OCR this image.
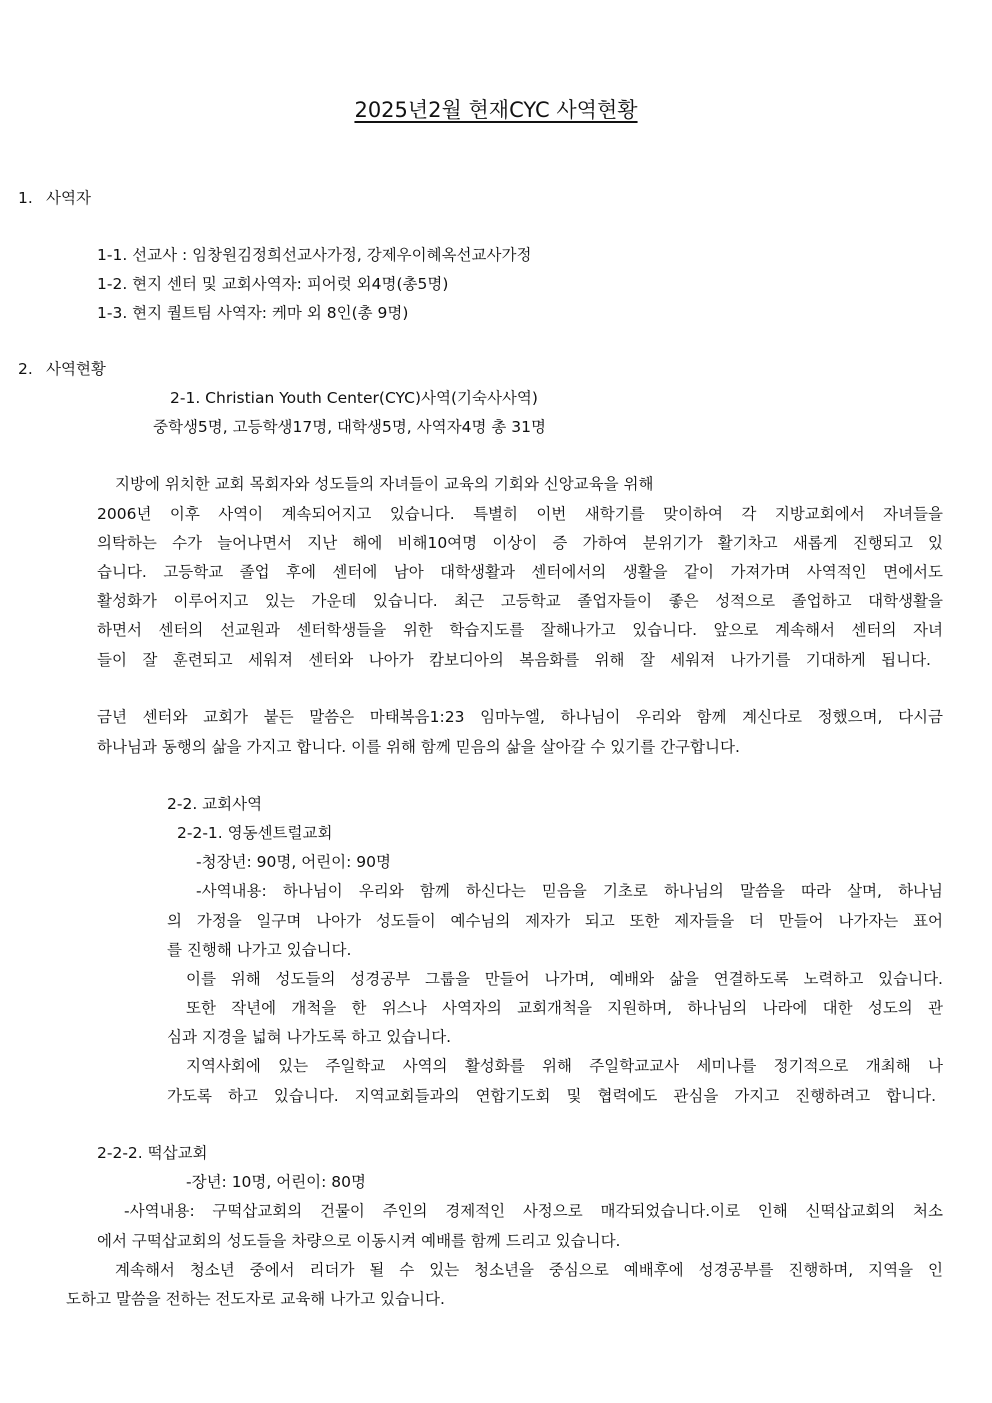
2025년2월 현재CYC 사역현황
1. 사역자
1-1. 선교사 : 임창원김정희선교사가정, 강제우이혜옥선교사가정
1-2. 현지 센터 및 교회사역자: 피어럿 외4명(총5명)
1-3. 현지 퀄트팀 사역자: 케마 외 8인(총 9명)
2. 사역현황
2-1. Christian Youth Center(CYC)사역(기숙사사역)
중학생5명, 고등학생17명, 대학생5명, 사역자4명 총 31명
지방에 위치한 교회 목회자와 성도들의 자녀들이 교육의 기회와 신앙교육을 위해
2006년 이후 사역이 계속되어지고 있습니다. 특별히 이번 새학기를 맞이하여 각 지방교회에서 자녀들을
의탁하는 수가 늘어나면서 지난 해에 비해10여명 이상이 증 가하여 분위기가 활기차고 새롭게 진행되고 있
습니다. 고등학교 졸업 후에 센터에 남아 대학생활과 센터에서의 생활을 같이 가져가며 사역적인 면에서도
활성화가 이루어지고 있는 가운데 있습니다. 최근 고등학교 졸업자들이 좋은 성적으로 졸업하고 대학생활을
하면서 센터의 선교원과 센터학생들을 위한 학습지도를 잘해나가고 있습니다. 앞으로 계속해서 센터의 자녀
들이 잘 훈련되고 세워져 센터와 나아가 캄보디아의 복음화를 위해 잘 세워져 나가기를 기대하게 됩니다.
금년 센터와 교회가 붙든 말씀은 마태복음1:23 임마누엘, 하나님이 우리와 함께 계신다로 정했으며, 다시금
하나님과 동행의 삶을 가지고 합니다. 이를 위해 함께 믿음의 삶을 살아갈 수 있기를 간구합니다.
2-2. 교회사역
2-2-1. 영동센트럴교회
-청장년: 90명, 어린이: 90명
-사역내용: 하나님이 우리와 함께 하신다는 믿음을 기초로 하나님의 말씀을 따라 살며, 하나님
의 가정을 일구며 나아가 성도들이 예수님의 제자가 되고 또한 제자들을 더 만들어 나가자는 표어
를 진행해 나가고 있습니다.
이를 위해 성도들의 성경공부 그룹을 만들어 나가며, 예배와 삶을 연결하도록 노력하고 있습니다.
또한 작년에 개척을 한 위스나 사역자의 교회개척을 지원하며, 하나님의 나라에 대한 성도의 관
심과 지경을 넓혀 나가도록 하고 있습니다.
지역사회에 있는 주일학교 사역의 활성화를 위해 주일학교교사 세미나를 정기적으로 개최해 나
가도록 하고 있습니다. 지역교회들과의 연합기도회 및 협력에도 관심을 가지고 진행하려고 합니다.
2-2-2. 떡삽교회
-장년: 10명, 어린이: 80명
-사역내용: 구떡삽교회의 건물이 주인의 경제적인 사정으로 매각되었습니다.이로 인해 신떡삽교회의 처소
에서 구떡삽교회의 성도들을 차량으로 이동시켜 예배를 함께 드리고 있습니다.
계속해서 청소년 중에서 리더가 될 수 있는 청소년을 중심으로 예배후에 성경공부를 진행하며, 지역을 인
도하고 말씀을 전하는 전도자로 교육해 나가고 있습니다.
